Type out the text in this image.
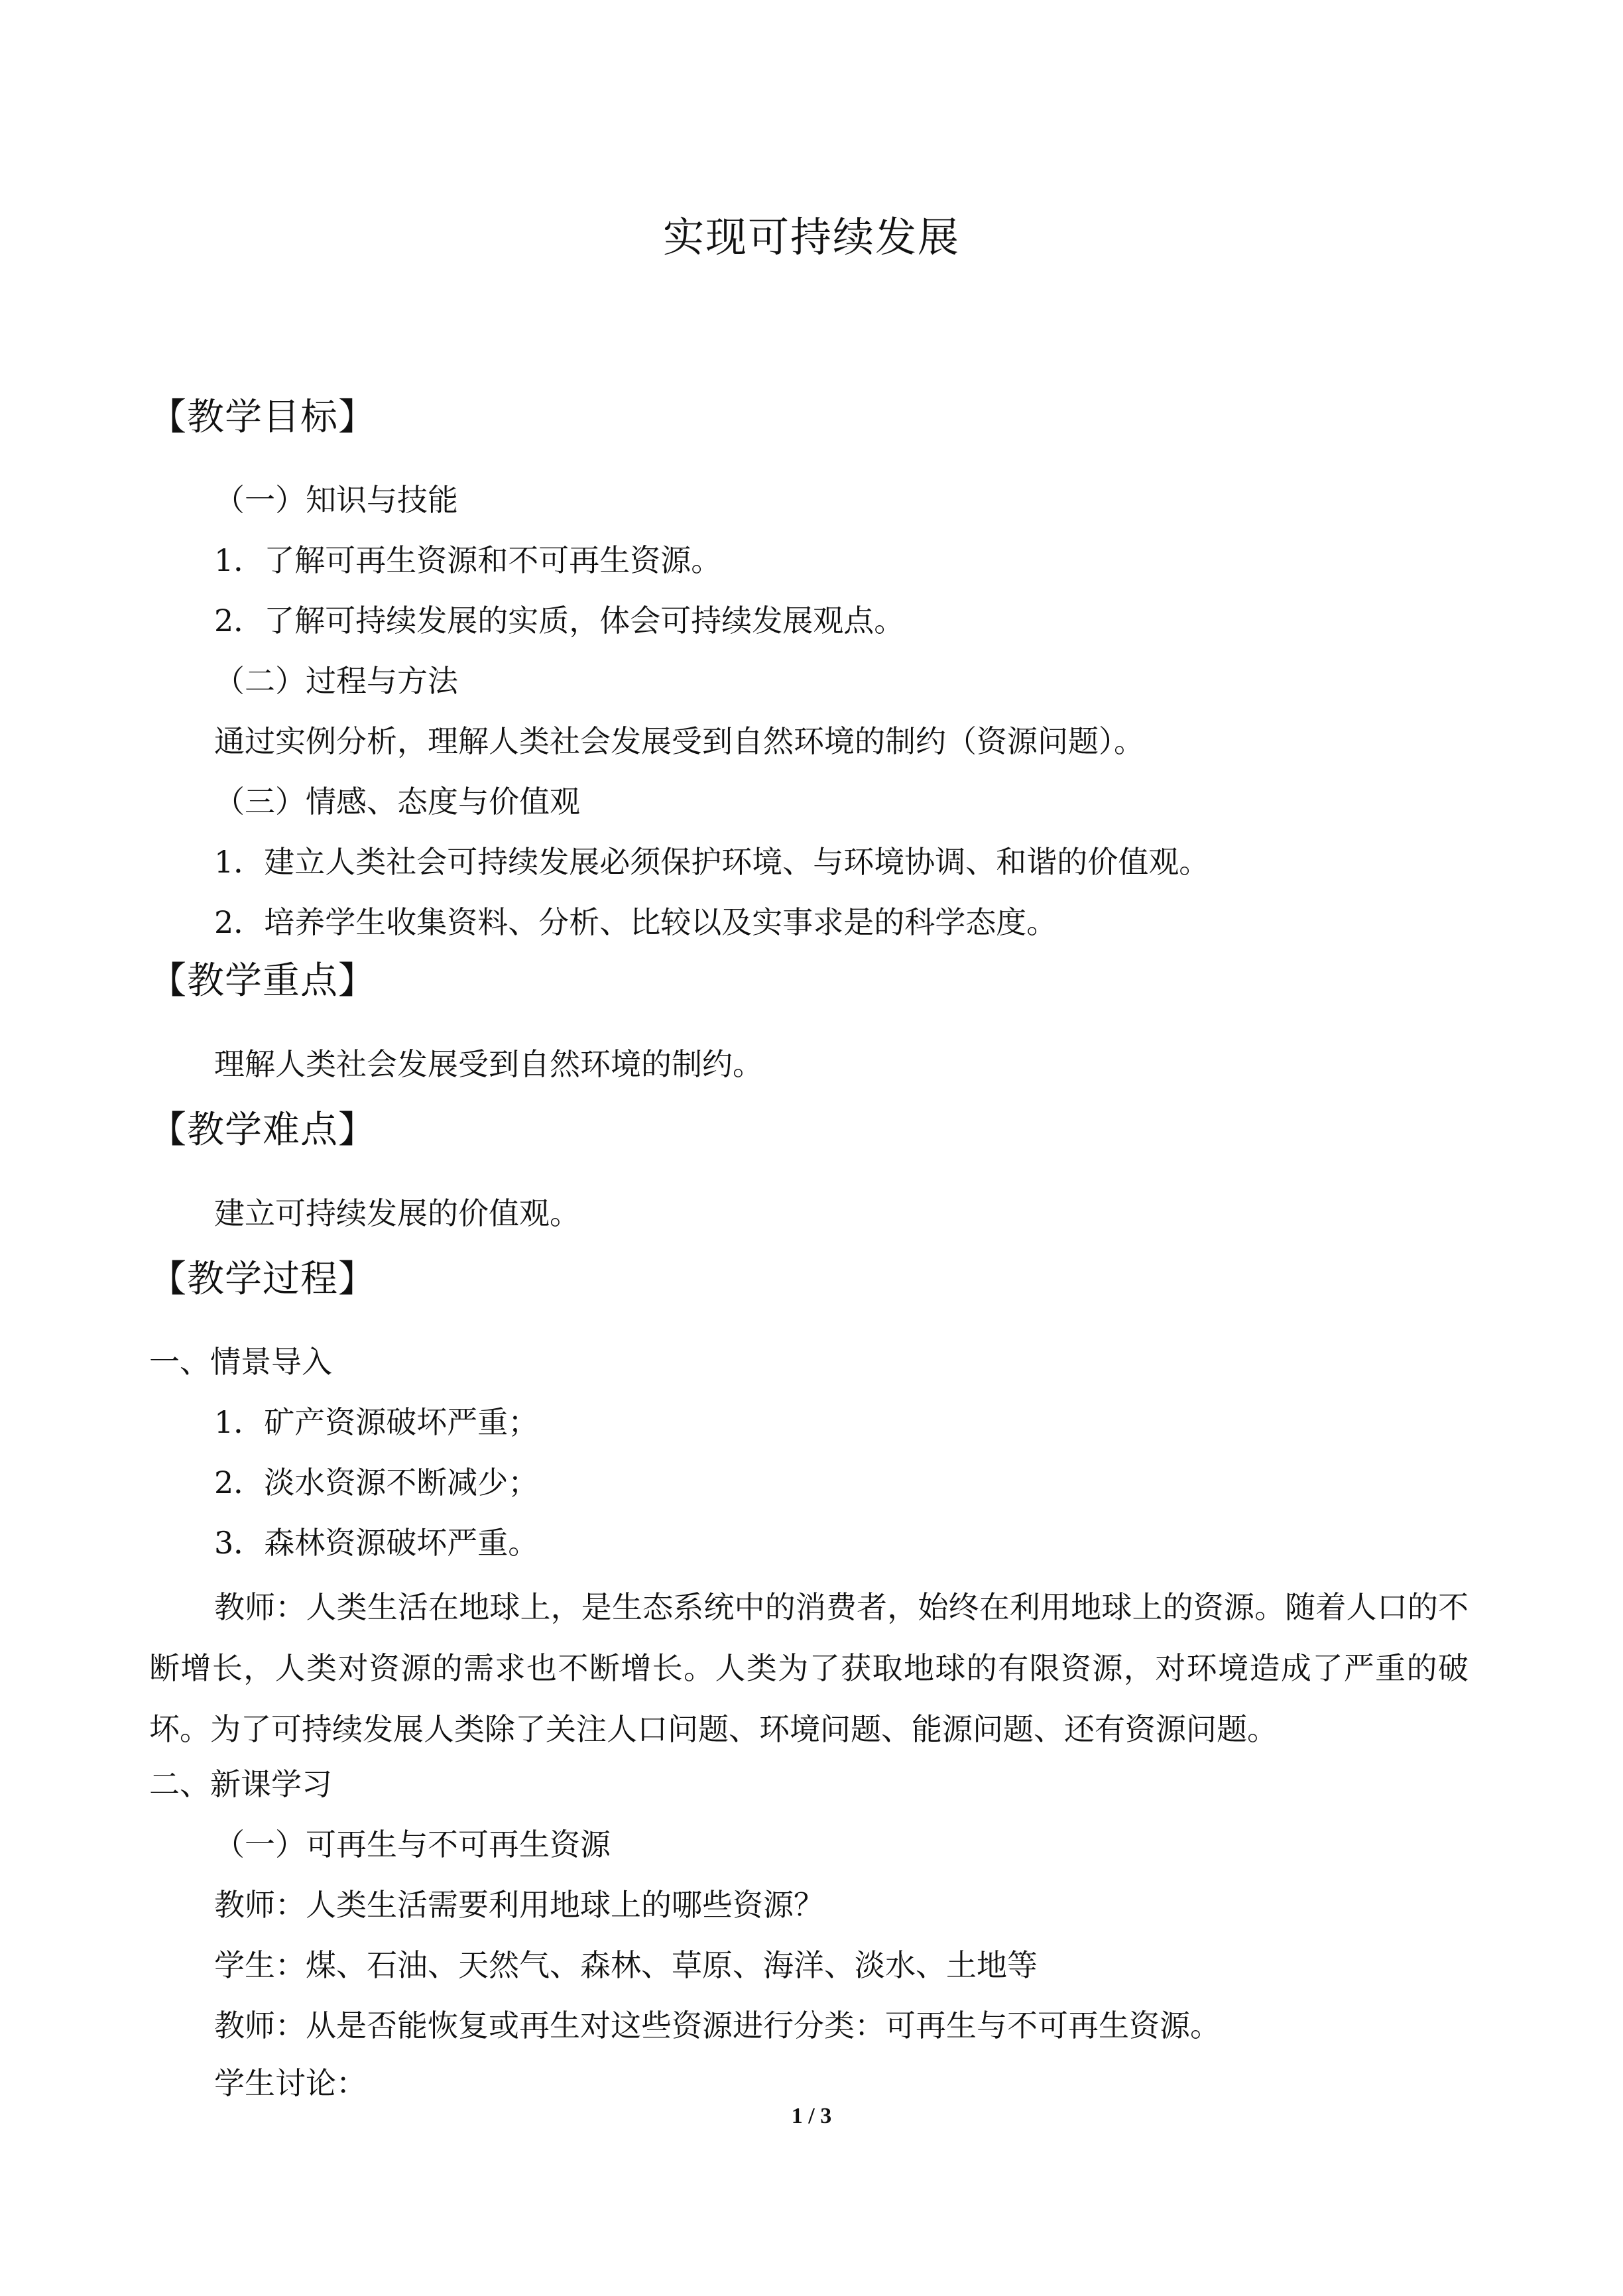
实现可持续发展
【教学目标】
（一）知识与技能
1．了解可再生资源和不可再生资源。
2．了解可持续发展的实质，体会可持续发展观点。
（二）过程与方法
通过实例分析，理解人类社会发展受到自然环境的制约（资源问题）。
（三）情感、态度与价值观
1．建立人类社会可持续发展必须保护环境、与环境协调、和谐的价值观。
2．培养学生收集资料、分析、比较以及实事求是的科学态度。
【教学重点】
理解人类社会发展受到自然环境的制约。
【教学难点】
建立可持续发展的价值观。
【教学过程】
一、情景导入
1．矿产资源破坏严重；
2．淡水资源不断减少；
3．森林资源破坏严重。
教师：人类生活在地球上，是生态系统中的消费者，始终在利用地球上的资源。随着人口的不断增长，人类对资源的需求也不断增长。人类为了获取地球的有限资源，对环境造成了严重的破坏。为了可持续发展人类除了关注人口问题、环境问题、能源问题、还有资源问题。
二、新课学习
（一）可再生与不可再生资源
教师：人类生活需要利用地球上的哪些资源？
学生：煤、石油、天然气、森林、草原、海洋、淡水、土地等
教师：从是否能恢复或再生对这些资源进行分类：可再生与不可再生资源。
学生讨论：
1 / 3
